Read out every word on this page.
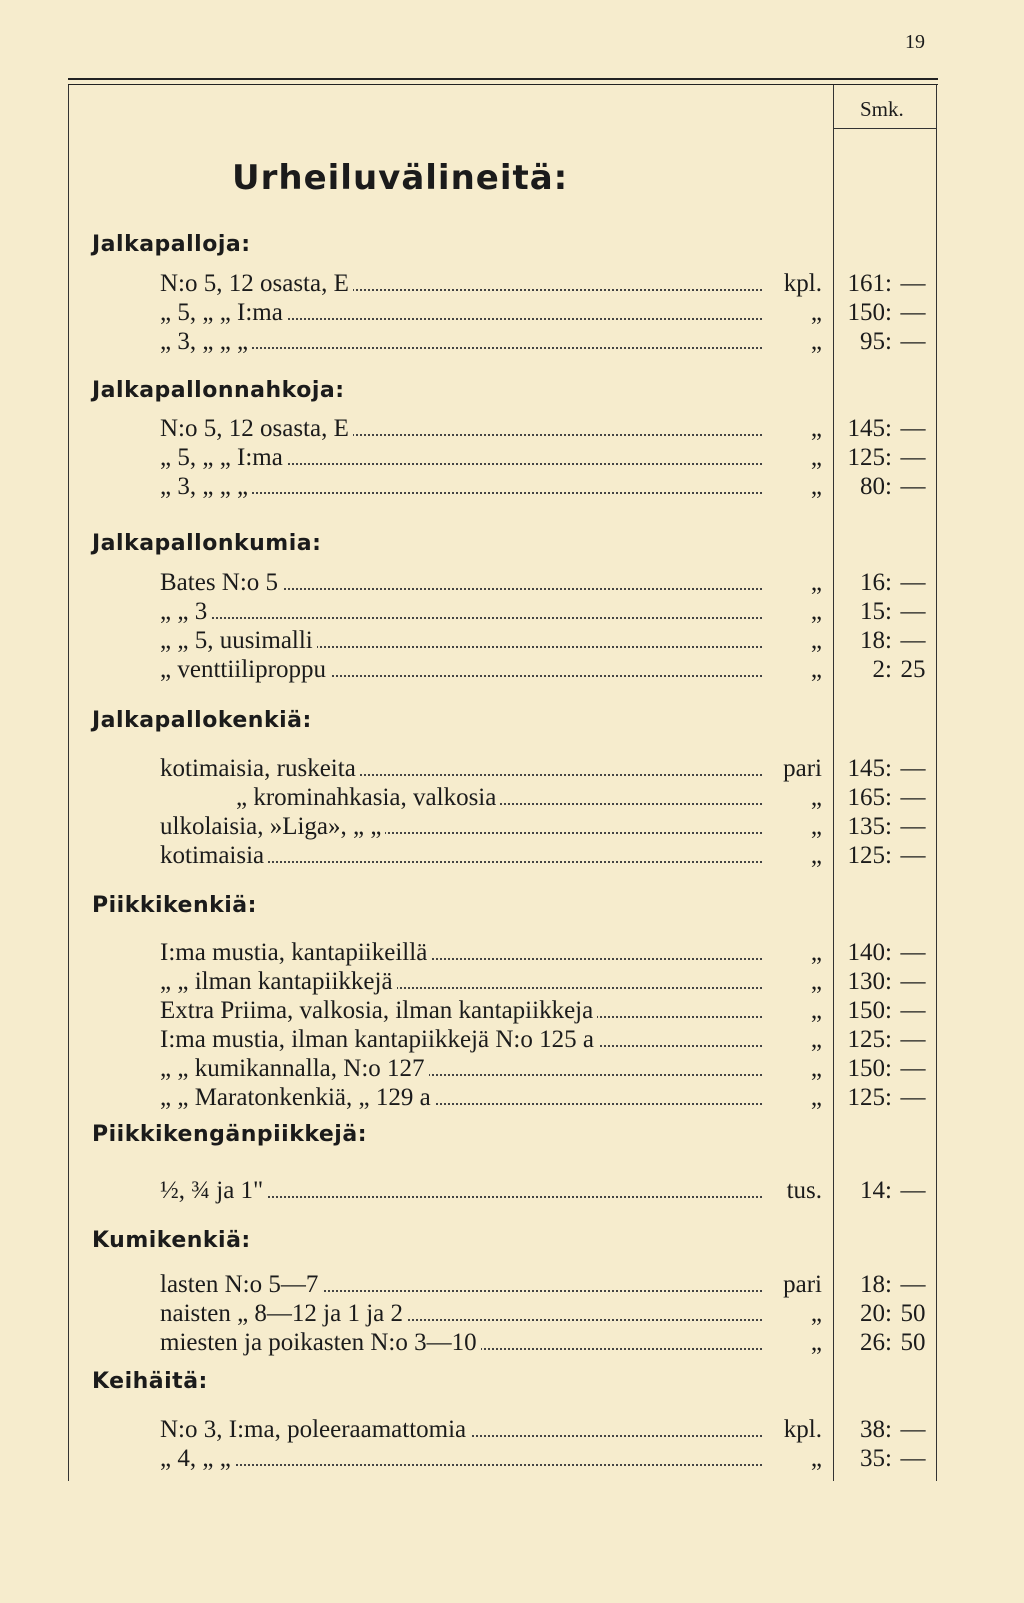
19
Smk.
Urheiluvälineitä:
Jalkapalloja:
N:o 5, 12 osasta, E	kpl. 161: —
„ 5, „ „ I:ma	„ 150: —
„ 3, „ „ „	„ 95: —
Jalkapallonnahkoja:
N:o 5, 12 osasta, E	„ 145: —
„ 5, „ „ I:ma	„ 125: —
„ 3, „ „ „	„ 80: —
Jalkapallonkumia:
Bates N:o 5	„ 16: —
„ „ 3	„ 15: —
„ „ 5, uusimalli	„ 18: —
„ venttiiliproppu	„ 2: 25
Jalkapallokenkiä:
kotimaisia, ruskeita	pari 145: —
„ krominahkasia, valkosia	„ 165: —
ulkolaisia, »Liga», „ „	„ 135: —
kotimaisia	„ 125: —
Piikkikenkiä:
I:ma mustia, kantapiikeillä	„ 140: —
„ „ ilman kantapiikkejä	„ 130: —
Extra Priima, valkosia, ilman kantapiikkeja	„ 150: —
I:ma mustia, ilman kantapiikkejä N:o 125 a	„ 125: —
„ „ kumikannalla, N:o 127	„ 150: —
„ „ Maratonkenkiä, „ 129 a	„ 125: —
Piikkikengänpiikkejä:
½, ¾ ja 1"	tus. 14: —
Kumikenkiä:
lasten N:o 5—7	pari 18: —
naisten „ 8—12 ja 1 ja 2	„ 20: 50
miesten ja poikasten N:o 3—10	„ 26: 50
Keihäitä:
N:o 3, I:ma, poleeraamattomia	kpl. 38: —
„ 4, „ „	„ 35: —
